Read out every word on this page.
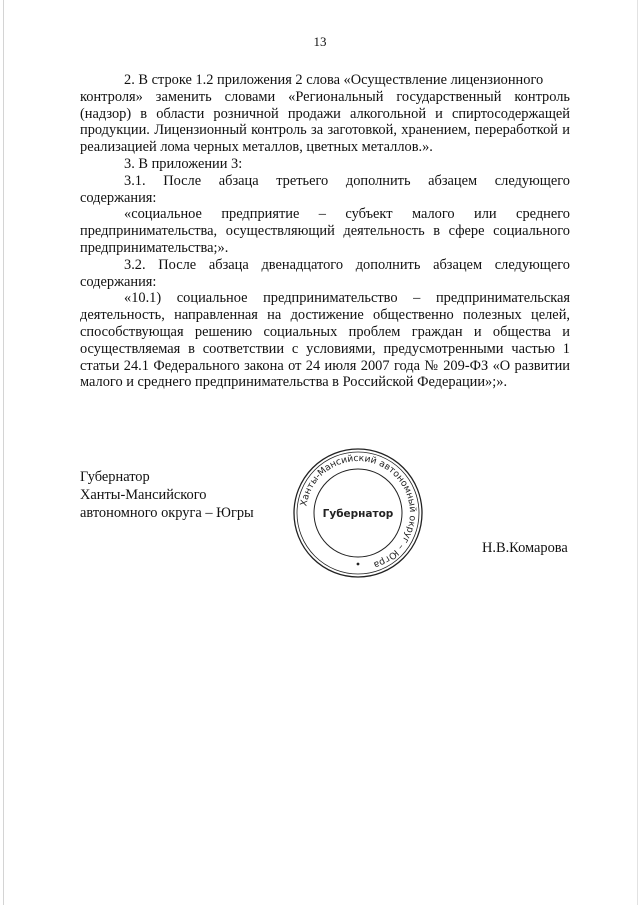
13

2. В строке 1.2 приложения 2 слова «Осуществление лицензионного

контроля» заменить словами «Региональный государственный контроль (надзор) в области розничной продажи алкогольной и спиртосодержащей продукции. Лицензионный контроль за заготовкой, хранением, переработкой и реализацией лома черных металлов, цветных металлов.».

3. В приложении 3:

3.1. После абзаца третьего дополнить абзацем следующего

содержания:

«социальное предприятие – субъект малого или среднего

предпринимательства, осуществляющий деятельность в сфере социального предпринимательства;».

3.2. После абзаца двенадцатого дополнить абзацем следующего

содержания:

«10.1) социальное предпринимательство – предпринимательская

деятельность, направленная на достижение общественно полезных целей, способствующая решению социальных проблем граждан и общества и осуществляемая в соответствии с условиями, предусмотренными частью 1 статьи 24.1 Федерального закона от 24 июля 2007 года № 209-ФЗ «О развитии малого и среднего предпринимательства в Российской Федерации»;».

Губернатор
Ханты-Мансийского
автономного округа – Югры
Н.В.Комарова
Ханты-Мансийский автономный округ – Югра
Губернатор
